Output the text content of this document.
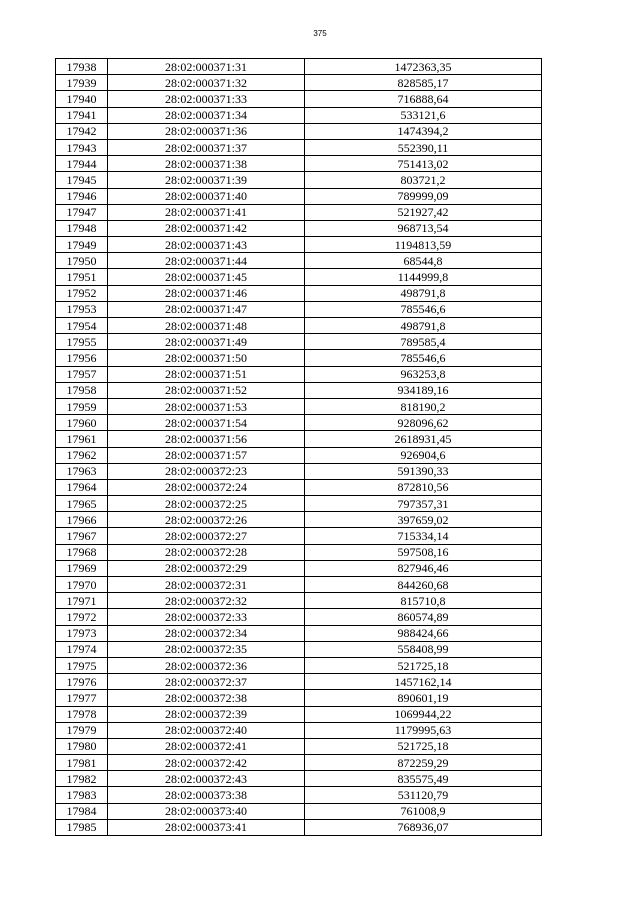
375
17938	28:02:000371:31	1472363,35
17939	28:02:000371:32	828585,17
17940	28:02:000371:33	716888,64
17941	28:02:000371:34	533121,6
17942	28:02:000371:36	1474394,2
17943	28:02:000371:37	552390,11
17944	28:02:000371:38	751413,02
17945	28:02:000371:39	803721,2
17946	28:02:000371:40	789999,09
17947	28:02:000371:41	521927,42
17948	28:02:000371:42	968713,54
17949	28:02:000371:43	1194813,59
17950	28:02:000371:44	68544,8
17951	28:02:000371:45	1144999,8
17952	28:02:000371:46	498791,8
17953	28:02:000371:47	785546,6
17954	28:02:000371:48	498791,8
17955	28:02:000371:49	789585,4
17956	28:02:000371:50	785546,6
17957	28:02:000371:51	963253,8
17958	28:02:000371:52	934189,16
17959	28:02:000371:53	818190,2
17960	28:02:000371:54	928096,62
17961	28:02:000371:56	2618931,45
17962	28:02:000371:57	926904,6
17963	28:02:000372:23	591390,33
17964	28:02:000372:24	872810,56
17965	28:02:000372:25	797357,31
17966	28:02:000372:26	397659,02
17967	28:02:000372:27	715334,14
17968	28:02:000372:28	597508,16
17969	28:02:000372:29	827946,46
17970	28:02:000372:31	844260,68
17971	28:02:000372:32	815710,8
17972	28:02:000372:33	860574,89
17973	28:02:000372:34	988424,66
17974	28:02:000372:35	558408,99
17975	28:02:000372:36	521725,18
17976	28:02:000372:37	1457162,14
17977	28:02:000372:38	890601,19
17978	28:02:000372:39	1069944,22
17979	28:02:000372:40	1179995,63
17980	28:02:000372:41	521725,18
17981	28:02:000372:42	872259,29
17982	28:02:000372:43	835575,49
17983	28:02:000373:38	531120,79
17984	28:02:000373:40	761008,9
17985	28:02:000373:41	768936,07
